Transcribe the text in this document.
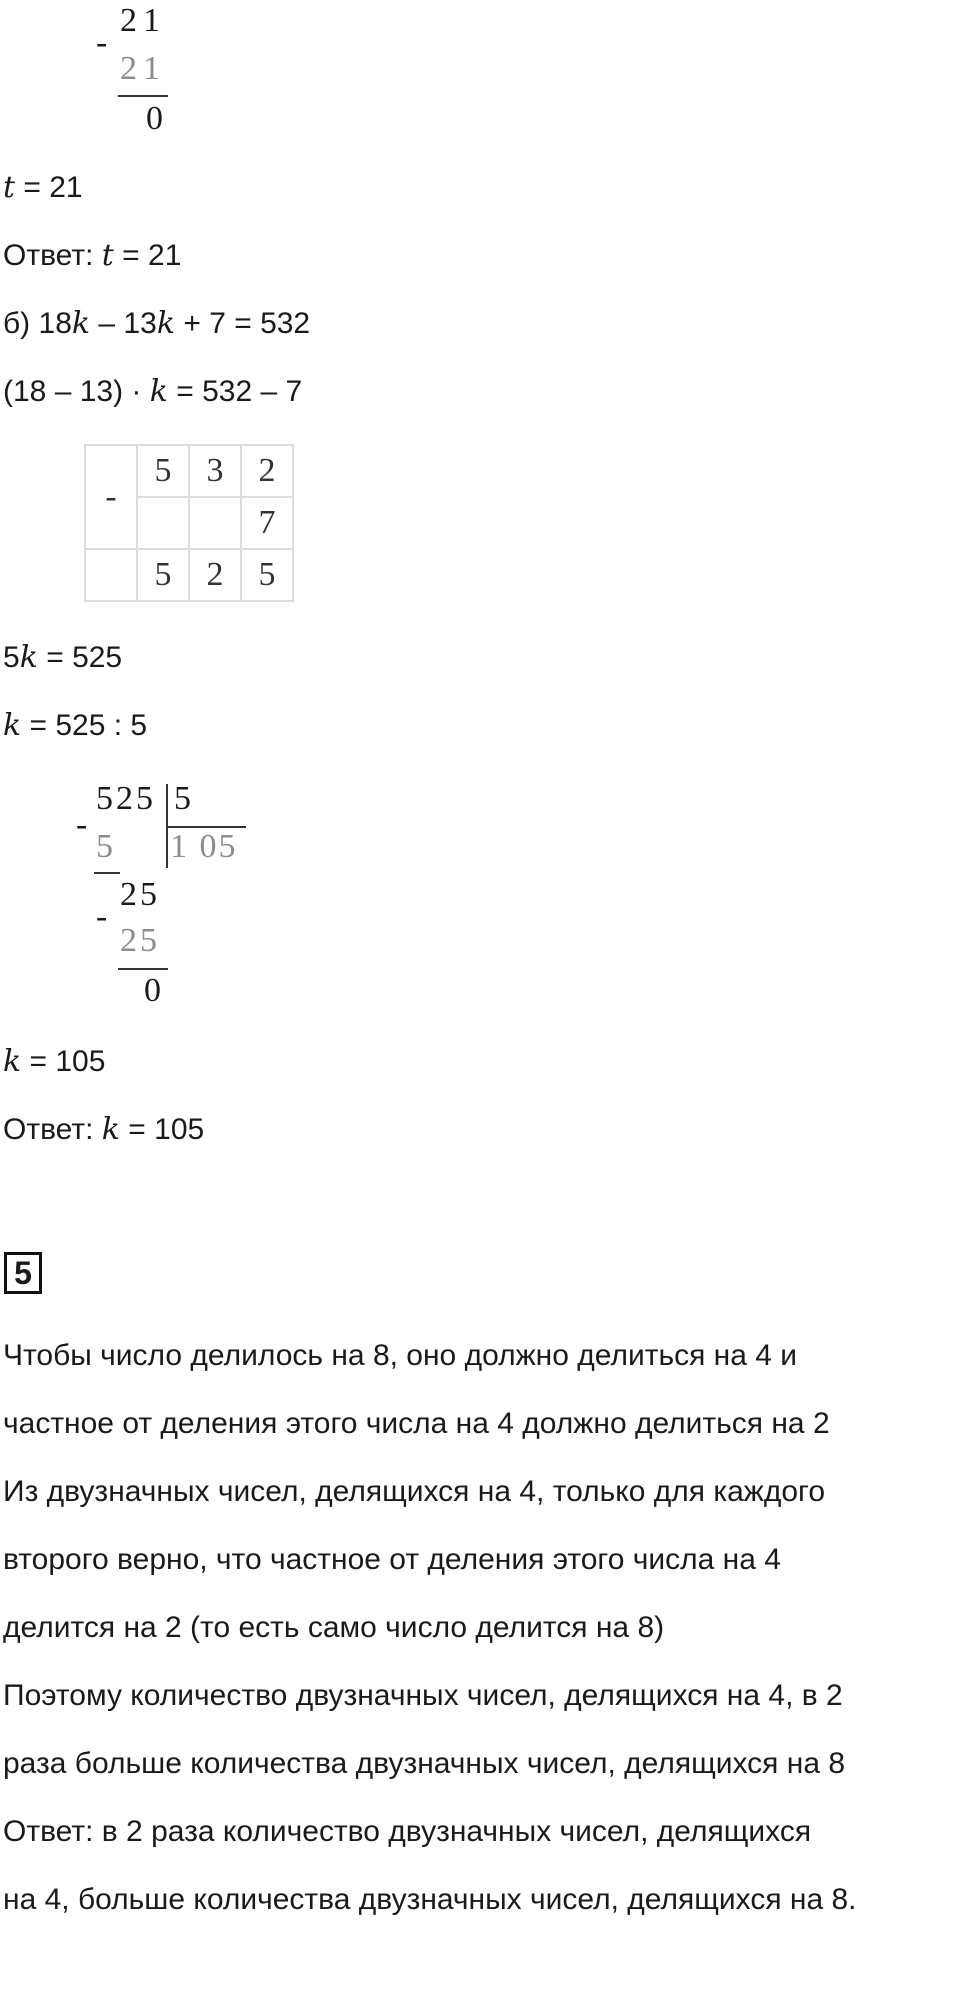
-
21
21
0
t = 21
Ответ: t = 21
б) 18k – 13k + 7 = 532
(18 – 13) · k = 532 – 7
-	5	3	2
			7
	5	2	5
5k = 525
k = 525 : 5
525 5
1 05
-
5
25
-
25
0
k = 105
Ответ: k = 105
5
Чтобы число делилось на 8, оно должно делиться на 4 и
частное от деления этого числа на 4 должно делиться на 2
Из двузначных чисел, делящихся на 4, только для каждого
второго верно, что частное от деления этого числа на 4
делится на 2 (то есть само число делится на 8)
Поэтому количество двузначных чисел, делящихся на 4, в 2
раза больше количества двузначных чисел, делящихся на 8
Ответ: в 2 раза количество двузначных чисел, делящихся
на 4, больше количества двузначных чисел, делящихся на 8.
